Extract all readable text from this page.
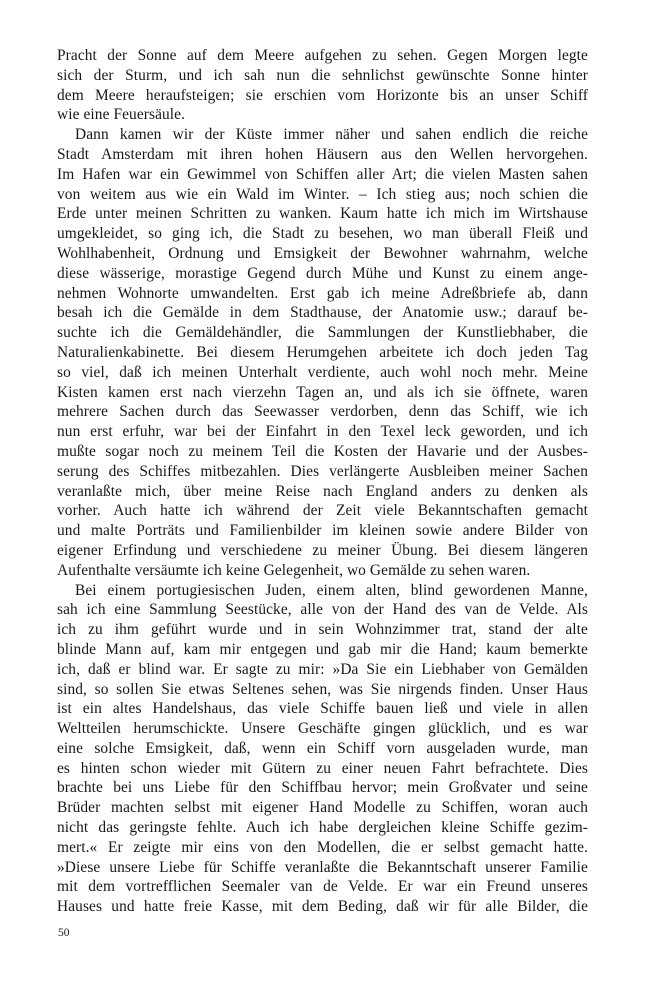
Pracht der Sonne auf dem Meere aufgehen zu sehen. Gegen Morgen legte
sich der Sturm, und ich sah nun die sehnlichst gewünschte Sonne hinter
dem Meere heraufsteigen; sie erschien vom Horizonte bis an unser Schiff
wie eine Feuersäule.
Dann kamen wir der Küste immer näher und sahen endlich die reiche
Stadt Amsterdam mit ihren hohen Häusern aus den Wellen hervorgehen.
Im Hafen war ein Gewimmel von Schiffen aller Art; die vielen Masten sahen
von weitem aus wie ein Wald im Winter. – Ich stieg aus; noch schien die
Erde unter meinen Schritten zu wanken. Kaum hatte ich mich im Wirtshause
umgekleidet, so ging ich, die Stadt zu besehen, wo man überall Fleiß und
Wohlhabenheit, Ordnung und Emsigkeit der Bewohner wahrnahm, welche
diese wässerige, morastige Gegend durch Mühe und Kunst zu einem ange-
nehmen Wohnorte umwandelten. Erst gab ich meine Adreßbriefe ab, dann
besah ich die Gemälde in dem Stadthause, der Anatomie usw.; darauf be-
suchte ich die Gemäldehändler, die Sammlungen der Kunstliebhaber, die
Naturalienkabinette. Bei diesem Herumgehen arbeitete ich doch jeden Tag
so viel, daß ich meinen Unterhalt verdiente, auch wohl noch mehr. Meine
Kisten kamen erst nach vierzehn Tagen an, und als ich sie öffnete, waren
mehrere Sachen durch das Seewasser verdorben, denn das Schiff, wie ich
nun erst erfuhr, war bei der Einfahrt in den Texel leck geworden, und ich
mußte sogar noch zu meinem Teil die Kosten der Havarie und der Ausbes-
serung des Schiffes mitbezahlen. Dies verlängerte Ausbleiben meiner Sachen
veranlaßte mich, über meine Reise nach England anders zu denken als
vorher. Auch hatte ich während der Zeit viele Bekanntschaften gemacht
und malte Porträts und Familienbilder im kleinen sowie andere Bilder von
eigener Erfindung und verschiedene zu meiner Übung. Bei diesem längeren
Aufenthalte versäumte ich keine Gelegenheit, wo Gemälde zu sehen waren.
Bei einem portugiesischen Juden, einem alten, blind gewordenen Manne,
sah ich eine Sammlung Seestücke, alle von der Hand des van de Velde. Als
ich zu ihm geführt wurde und in sein Wohnzimmer trat, stand der alte
blinde Mann auf, kam mir entgegen und gab mir die Hand; kaum bemerkte
ich, daß er blind war. Er sagte zu mir: »Da Sie ein Liebhaber von Gemälden
sind, so sollen Sie etwas Seltenes sehen, was Sie nirgends finden. Unser Haus
ist ein altes Handelshaus, das viele Schiffe bauen ließ und viele in allen
Weltteilen herumschickte. Unsere Geschäfte gingen glücklich, und es war
eine solche Emsigkeit, daß, wenn ein Schiff vorn ausgeladen wurde, man
es hinten schon wieder mit Gütern zu einer neuen Fahrt befrachtete. Dies
brachte bei uns Liebe für den Schiffbau hervor; mein Großvater und seine
Brüder machten selbst mit eigener Hand Modelle zu Schiffen, woran auch
nicht das geringste fehlte. Auch ich habe dergleichen kleine Schiffe gezim-
mert.« Er zeigte mir eins von den Modellen, die er selbst gemacht hatte.
»Diese unsere Liebe für Schiffe veranlaßte die Bekanntschaft unserer Familie
mit dem vortrefflichen Seemaler van de Velde. Er war ein Freund unseres
Hauses und hatte freie Kasse, mit dem Beding, daß wir für alle Bilder, die
50
